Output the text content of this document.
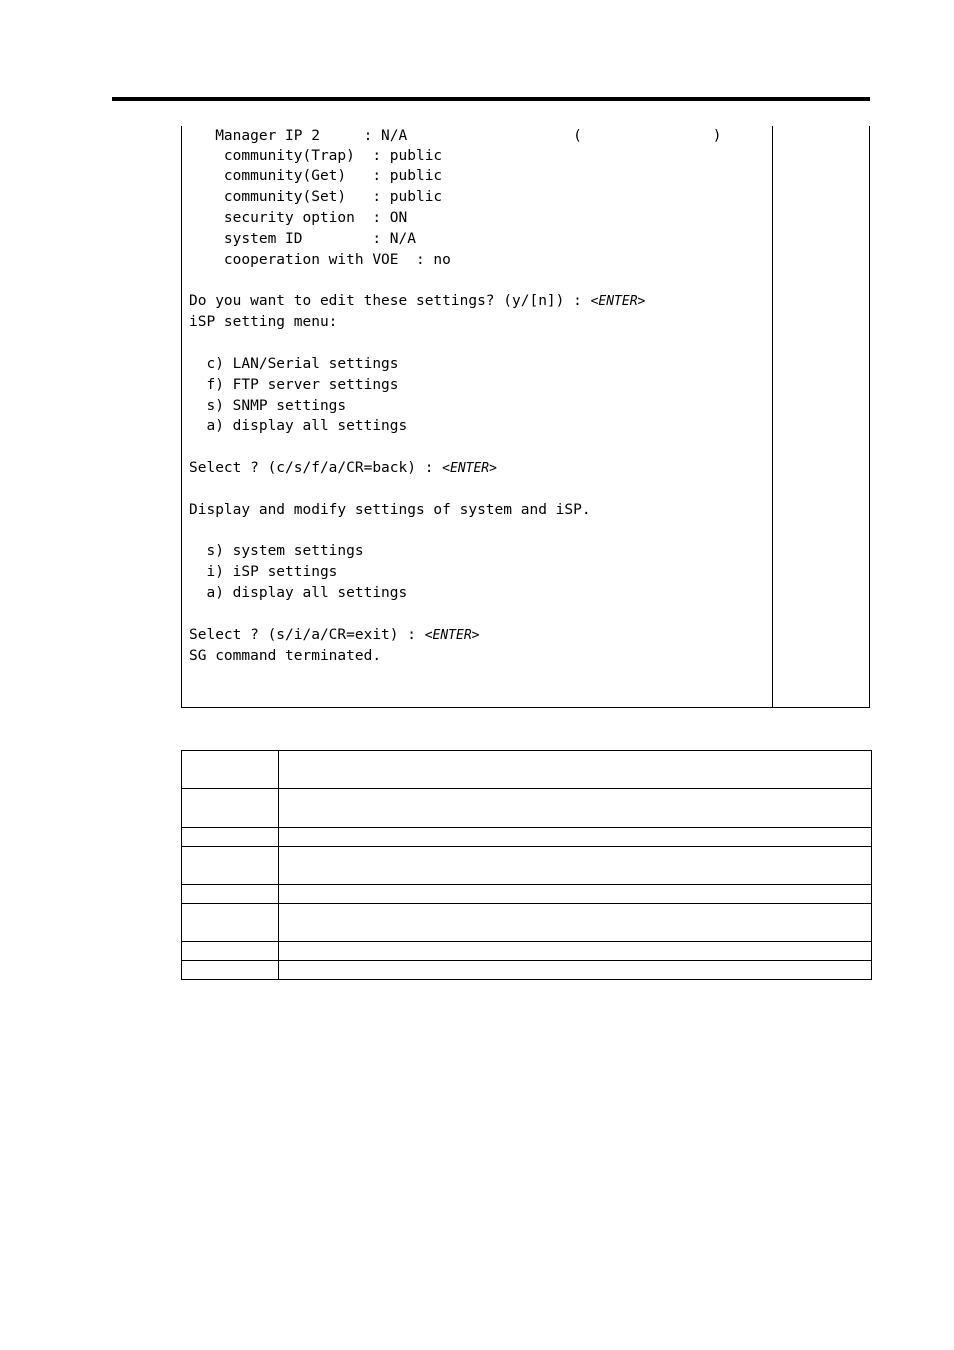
Manager IP 2     : N/A                   (               )
community(Trap)  : public
community(Get)   : public
community(Set)   : public
security option  : ON
system ID        : N/A
cooperation with VOE  : no
Do you want to edit these settings? (y/[n]) : <ENTER>
iSP setting menu:
c) LAN/Serial settings
f) FTP server settings
s) SNMP settings
a) display all settings
Select ? (c/s/f/a/CR=back) : <ENTER>
Display and modify settings of system and iSP.
s) system settings
i) iSP settings
a) display all settings
Select ? (s/i/a/CR=exit) : <ENTER>
SG command terminated.
